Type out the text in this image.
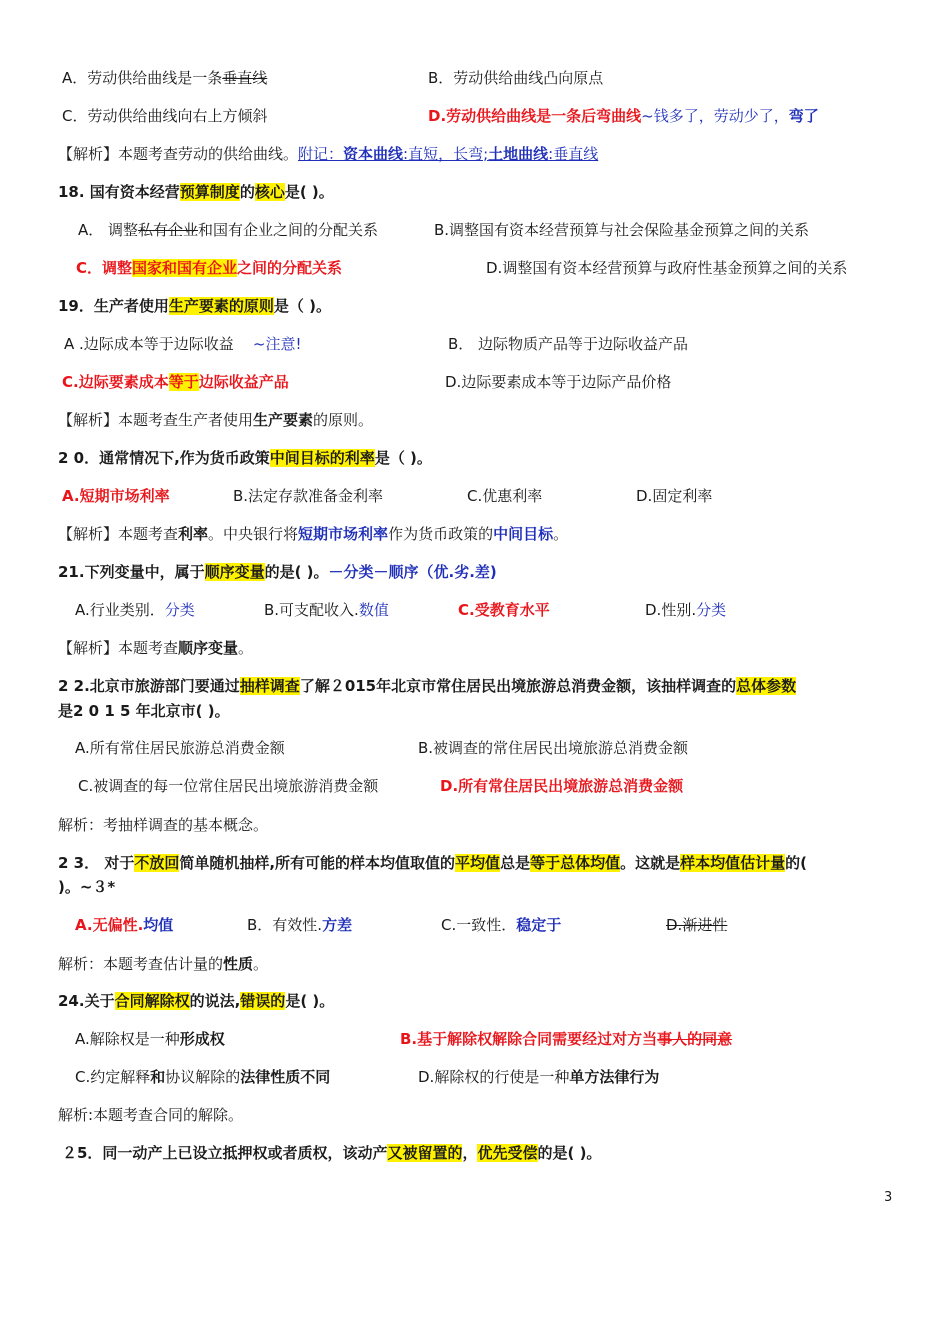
A．劳动供给曲线是一条垂直线	B．劳动供给曲线凸向原点
C．劳动供给曲线向右上方倾斜	D.劳动供给曲线是一条后弯曲线~钱多了，劳动少了，弯了
【解析】本题考查劳动的供给曲线。附记：资本曲线:直短，长弯;土地曲线:垂直线
18. 国有资本经营预算制度的核心是( )。
A． 调整私有企业和国有企业之间的分配关系	B.调整国有资本经营预算与社会保险基金预算之间的关系
C．调整国家和国有企业之间的分配关系	D.调整国有资本经营预算与政府性基金预算之间的关系
19．生产者使用生产要素的原则是（ )。
A .边际成本等于边际收益 ~注意!	B． 边际物质产品等于边际收益产品
C.边际要素成本等于边际收益产品	D.边际要素成本等于边际产品价格
【解析】本题考查生产者使用生产要素的原则。
2 0．通常情况下,作为货币政策中间目标的利率是（ )。
A.短期市场利率	B.法定存款准备金利率	C.优惠利率	D.固定利率
【解析】本题考查利率。中央银行将短期市场利率作为货币政策的中间目标。
21.下列变量中，属于顺序变量的是( )。－分类－顺序（优.劣.差)
A.行业类别．分类	B.可支配收入.数值	C.受教育水平	D.性别.分类
【解析】本题考查顺序变量。
2 2.北京市旅游部门要通过抽样调查了解２015年北京市常住居民出境旅游总消费金额，该抽样调查的总体参数
是2 0 1 5 年北京市( )。
A.所有常住居民旅游总消费金额	B.被调查的常住居民出境旅游总消费金额
C.被调查的每一位常住居民出境旅游消费金额	D.所有常住居民出境旅游总消费金额
解析：考抽样调查的基本概念。
2 3． 对于不放回简单随机抽样,所有可能的样本均值取值的平均值总是等于总体均值。这就是样本均值估计量的(
)。~３*
A.无偏性.均值	B．有效性.方差	C.一致性．稳定于	D.渐进性
解析：本题考查估计量的性质。
24.关于合同解除权的说法,错误的是( )。
A.解除权是一种形成权	B.基于解除权解除合同需要经过对方当事人的同意
C.约定解释和协议解除的法律性质不同	D.解除权的行使是一种单方法律行为
解析:本题考查合同的解除。
２5．同一动产上已设立抵押权或者质权，该动产又被留置的，优先受偿的是( )。
3
